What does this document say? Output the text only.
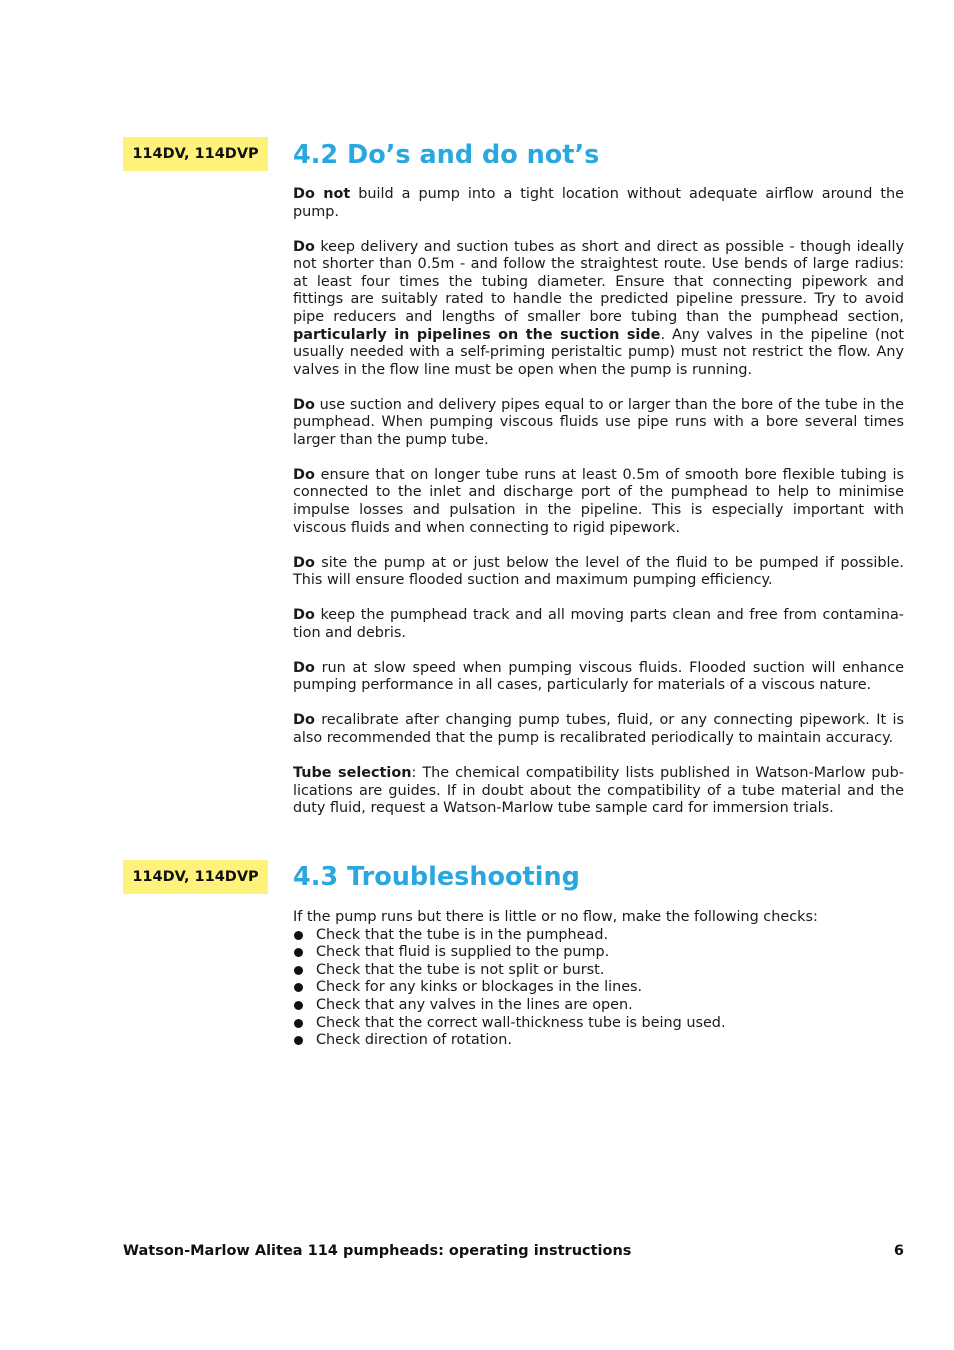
114DV, 114DVP	4.2 Do’s and do not’s

Do not build a pump into a tight location without adequate airflow around the pump.

Do keep delivery and suction tubes as short and direct as possible - though ideally not shorter than 0.5m - and follow the straightest route. Use bends of large radius: at least four times the tubing diameter. Ensure that connecting pipework and fittings are suitably rated to handle the predicted pipeline pressure. Try to avoid pipe reducers and lengths of smaller bore tubing than the pumphead section, particularly in pipelines on the suction side. Any valves in the pipeline (not usually needed with a self-priming peristaltic pump) must not restrict the flow. Any valves in the flow line must be open when the pump is running.

Do use suction and delivery pipes equal to or larger than the bore of the tube in the pumphead. When pumping viscous fluids use pipe runs with a bore several times larger than the pump tube.

Do ensure that on longer tube runs at least 0.5m of smooth bore flexible tubing is connected to the inlet and discharge port of the pumphead to help to minimise impulse losses and pulsation in the pipeline. This is especially important with viscous fluids and when connecting to rigid pipework.

Do site the pump at or just below the level of the fluid to be pumped if possible. This will ensure flooded suction and maximum pumping efficiency.

Do keep the pumphead track and all moving parts clean and free from contamination and debris.

Do run at slow speed when pumping viscous fluids. Flooded suction will enhance pumping performance in all cases, particularly for materials of a viscous nature.

Do recalibrate after changing pump tubes, fluid, or any connecting pipework. It is also recommended that the pump is recalibrated periodically to maintain accuracy.

Tube selection: The chemical compatibility lists published in Watson-Marlow publications are guides. If in doubt about the compatibility of a tube material and the duty fluid, request a Watson-Marlow tube sample card for immersion trials.

114DV, 114DVP	4.3 Troubleshooting
If the pump runs but there is little or no flow, make the following checks:
Check that the tube is in the pumphead.
Check that fluid is supplied to the pump.
Check that the tube is not split or burst.
Check for any kinks or blockages in the lines.
Check that any valves in the lines are open.
Check that the correct wall-thickness tube is being used.
Check direction of rotation.
Watson-Marlow Alitea 114 pumpheads: operating instructions	6
